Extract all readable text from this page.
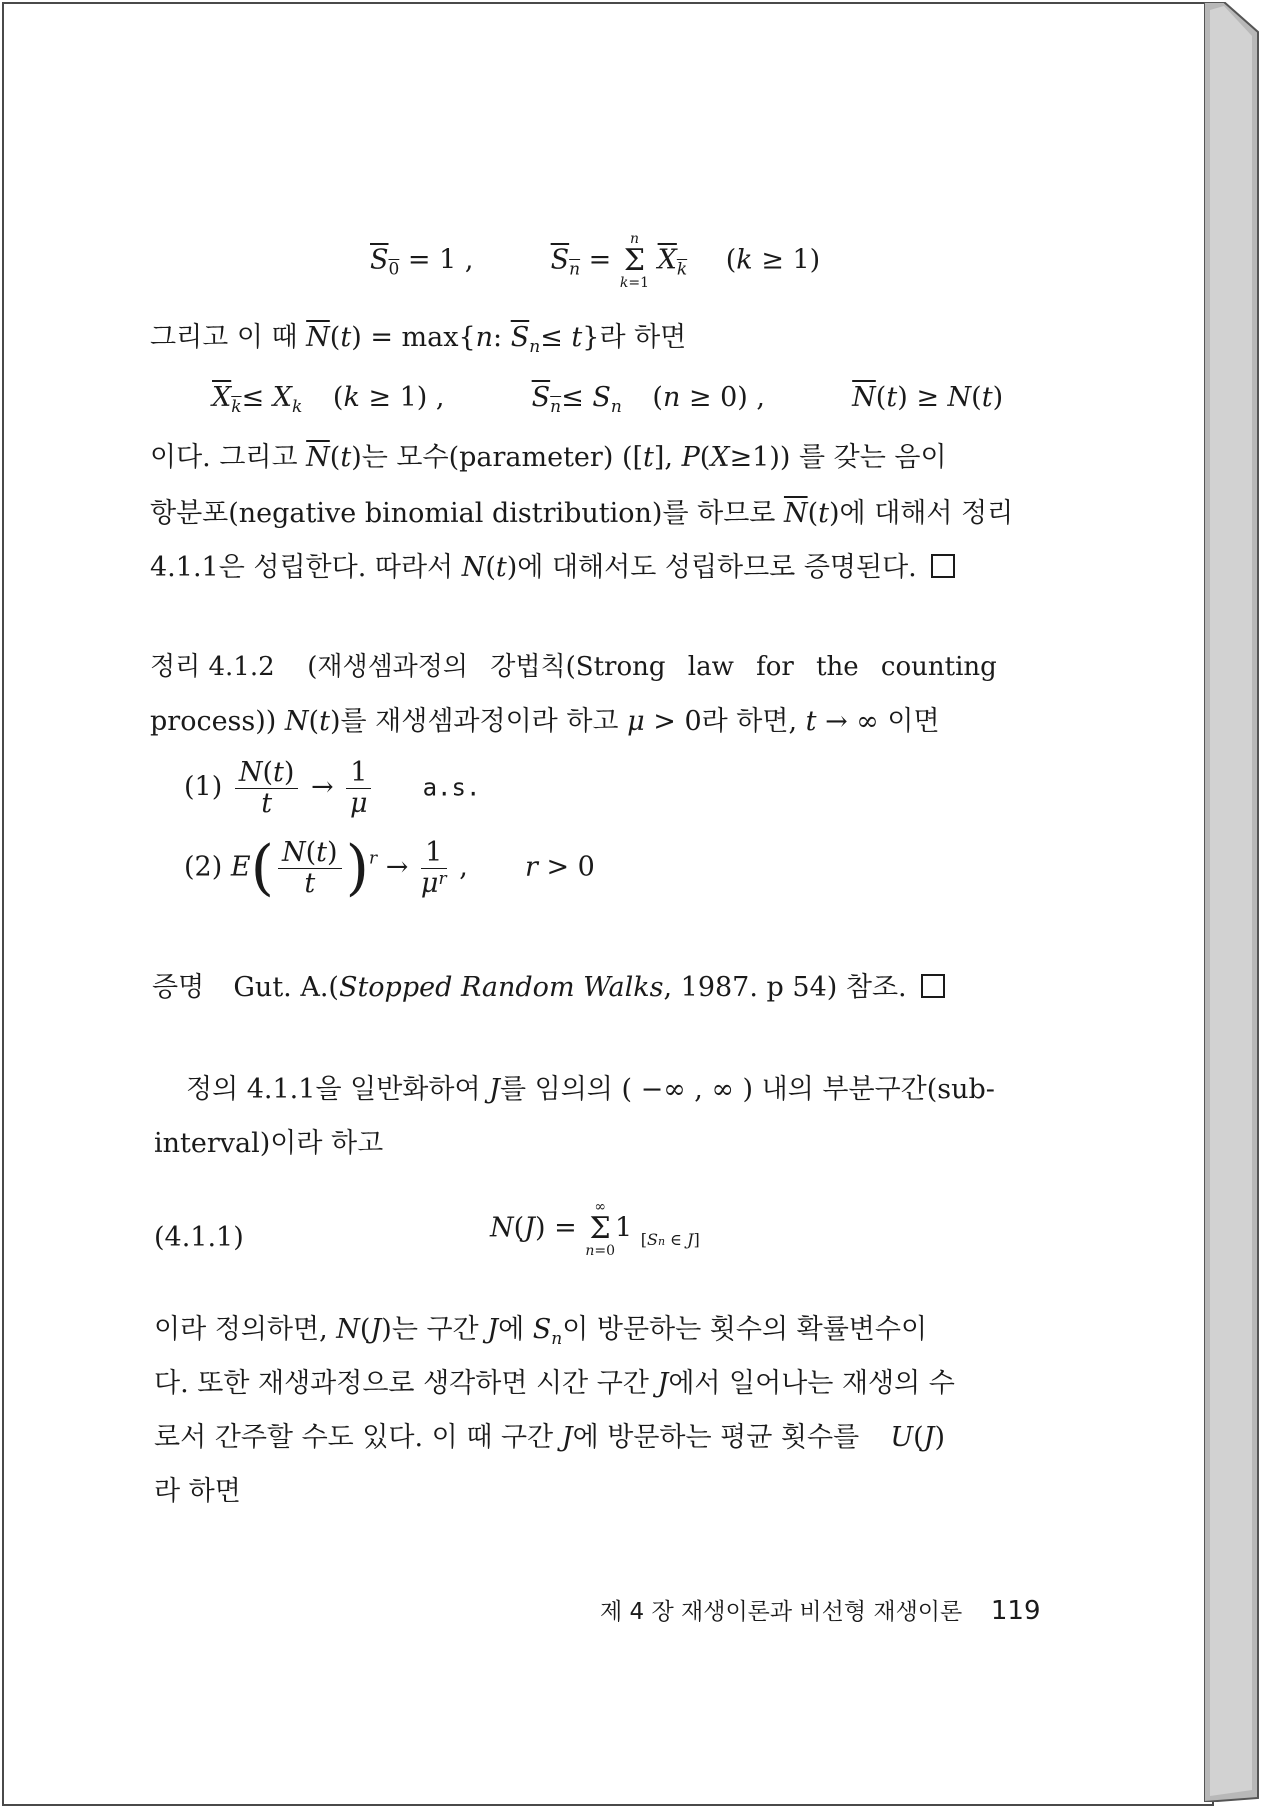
$\overline{S}_0 = 1$ ,	$\overline{S}_{\overline{n}}$ =
n
Σ
k=1
$\overline{X}_{\overline{k}}$ (k ≥ 1)
그리고 이 때 $\overline{N}(t) = \max\{n$: $\overline{S}_n\le t$}라 하면
$\overline{X}_{\overline{k}}\le X_k$ (k ≥ 1) ,	$\overline{S}_{\overline{n}}\le S_n$ (n ≥ 0) ,	$\overline{N}(t) \ge N(t)$
이다. 그리고 $\overline{N}(t)$는 모수(parameter) ([t], P(X≥1)) 를 갖는 음이
항분포(negative binomial distribution)를 하므로 $\overline{N}(t)$에 대해서 정리
4.1.1은 성립한다. 따라서 N(t)에 대해서도 성립하므로 증명된다.
정리 4.1.2 (재생셈과정의 강법칙(Strong law for the counting
process)) N(t)를 재생셈과정이라 하고 μ > 0라 하면, t → ∞ 이면
$(1) \frac{N(t)}{t} \to \frac{1}{\mu} a.s$.
(2) $E( \frac{N(t)}{t} )^r \to \frac{1}{\mu^r}$ ,  r > 0
증명 Gut. A.(Stopped Random Walks, 1987. p 54) 참조.
정의 4.1.1을 일반화하여 J를 임의의 ( −∞ , ∞ ) 내의 부분구간(sub-
interval)이라 하고
(4.1.1)	N(J) =
∞
Σ
n=0
1 $_{[Sn \in J]}$
이라 정의하면, N(J)는 구간 J에 $S_n$이 방문하는 횟수의 확률변수이
다. 또한 재생과정으로 생각하면 시간 구간 J에서 일어나는 재생의 수
로서 간주할 수도 있다. 이 때 구간 J에 방문하는 평균 횟수를 U(J)
라 하면
제 4 장 재생이론과 비선형 재생이론 119
